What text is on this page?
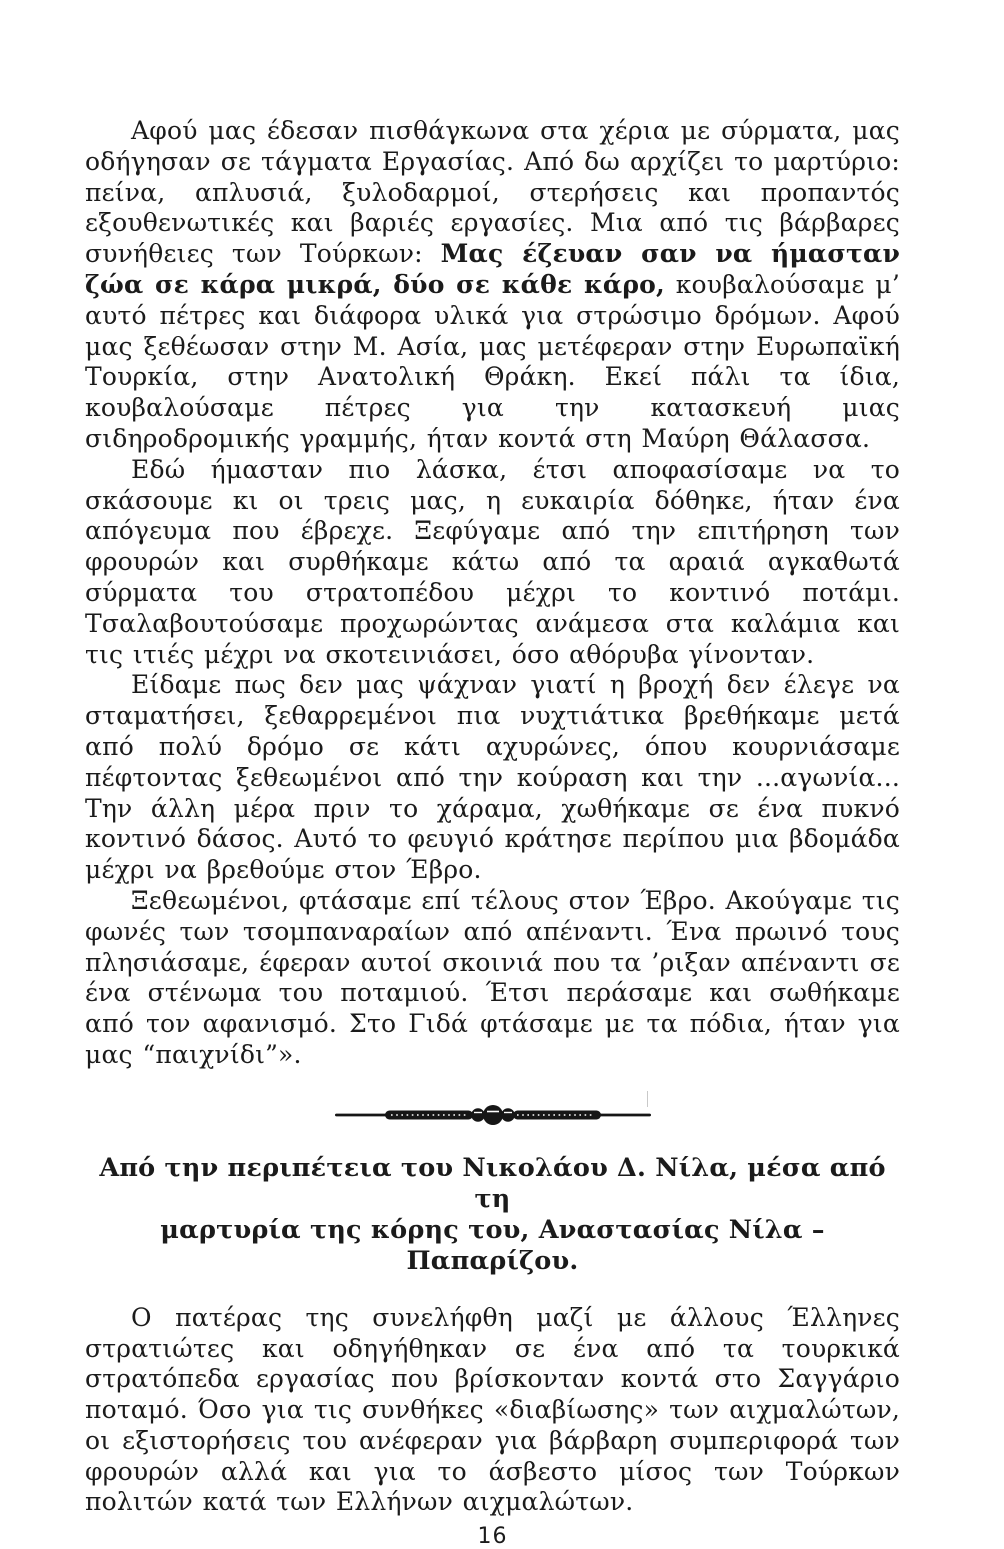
Αφού μας έδεσαν πισθάγκωνα στα χέρια με σύρματα, μας οδήγησαν σε τάγματα Εργασίας. Από δω αρχίζει το μαρτύριο: πείνα, απλυσιά, ξυλοδαρμοί, στερήσεις και προπαντός εξουθενωτικές και βαριές εργασίες. Μια από τις βάρβαρες συνήθειες των Τούρκων: Μας έζευαν σαν να ήμασταν ζώα σε κάρα μικρά, δύο σε κάθε κάρο, κουβαλούσαμε μ’ αυτό πέτρες και διάφορα υλικά για στρώσιμο δρόμων. Αφού μας ξεθέωσαν στην Μ. Ασία, μας μετέφεραν στην Ευρωπαϊκή Τουρκία, στην Ανατολική Θράκη. Εκεί πάλι τα ίδια, κουβαλούσαμε πέτρες για την κατασκευή μιας σιδηροδρομικής γραμμής, ήταν κοντά στη Μαύρη Θάλασσα.

Εδώ ήμασταν πιο λάσκα, έτσι αποφασίσαμε να το σκάσουμε κι οι τρεις μας, η ευκαιρία δόθηκε, ήταν ένα απόγευμα που έβρεχε. Ξεφύγαμε από την επιτήρηση των φρουρών και συρθήκαμε κάτω από τα αραιά αγκαθωτά σύρματα του στρατοπέδου μέχρι το κοντινό ποτάμι. Τσαλαβουτούσαμε προχωρώντας ανάμεσα στα καλάμια και τις ιτιές μέχρι να σκοτεινιάσει, όσο αθόρυβα γίνονταν.

Είδαμε πως δεν μας ψάχναν γιατί η βροχή δεν έλεγε να σταματήσει, ξεθαρρεμένοι πια νυχτιάτικα βρεθήκαμε μετά από πολύ δρόμο σε κάτι αχυρώνες, όπου κουρνιάσαμε πέφτοντας ξεθεωμένοι από την κούραση και την ...αγωνία... Την άλλη μέρα πριν το χάραμα, χωθήκαμε σε ένα πυκνό κοντινό δάσος. Αυτό το φευγιό κράτησε περίπου μια βδομάδα μέχρι να βρεθούμε στον Έβρο.

Ξεθεωμένοι, φτάσαμε επί τέλους στον Έβρο. Ακούγαμε τις φωνές των τσομπαναραίων από απέναντι. Ένα πρωινό τους πλησιάσαμε, έφεραν αυτοί σκοινιά που τα ’ριξαν απέναντι σε ένα στένωμα του ποταμιού. Έτσι περάσαμε και σωθήκαμε από τον αφανισμό. Στο Γιδά φτάσαμε με τα πόδια, ήταν για μας “παιχνίδι”».

Από την περιπέτεια του Νικολάου Δ. Νίλα, μέσα από τη
μαρτυρία της κόρης του, Αναστασίας Νίλα – Παπαρίζου.

Ο πατέρας της συνελήφθη μαζί με άλλους Έλληνες στρατιώτες και οδηγήθηκαν σε ένα από τα τουρκικά στρατόπεδα εργασίας που βρίσκονταν κοντά στο Σαγγάριο ποταμό. Όσο για τις συνθήκες «διαβίωσης» των αιχμαλώτων, οι εξιστορήσεις του ανέφεραν για βάρβαρη συμπεριφορά των φρουρών αλλά και για το άσβεστο μίσος των Τούρκων πολιτών κατά των Ελλήνων αιχμαλώτων.

16
